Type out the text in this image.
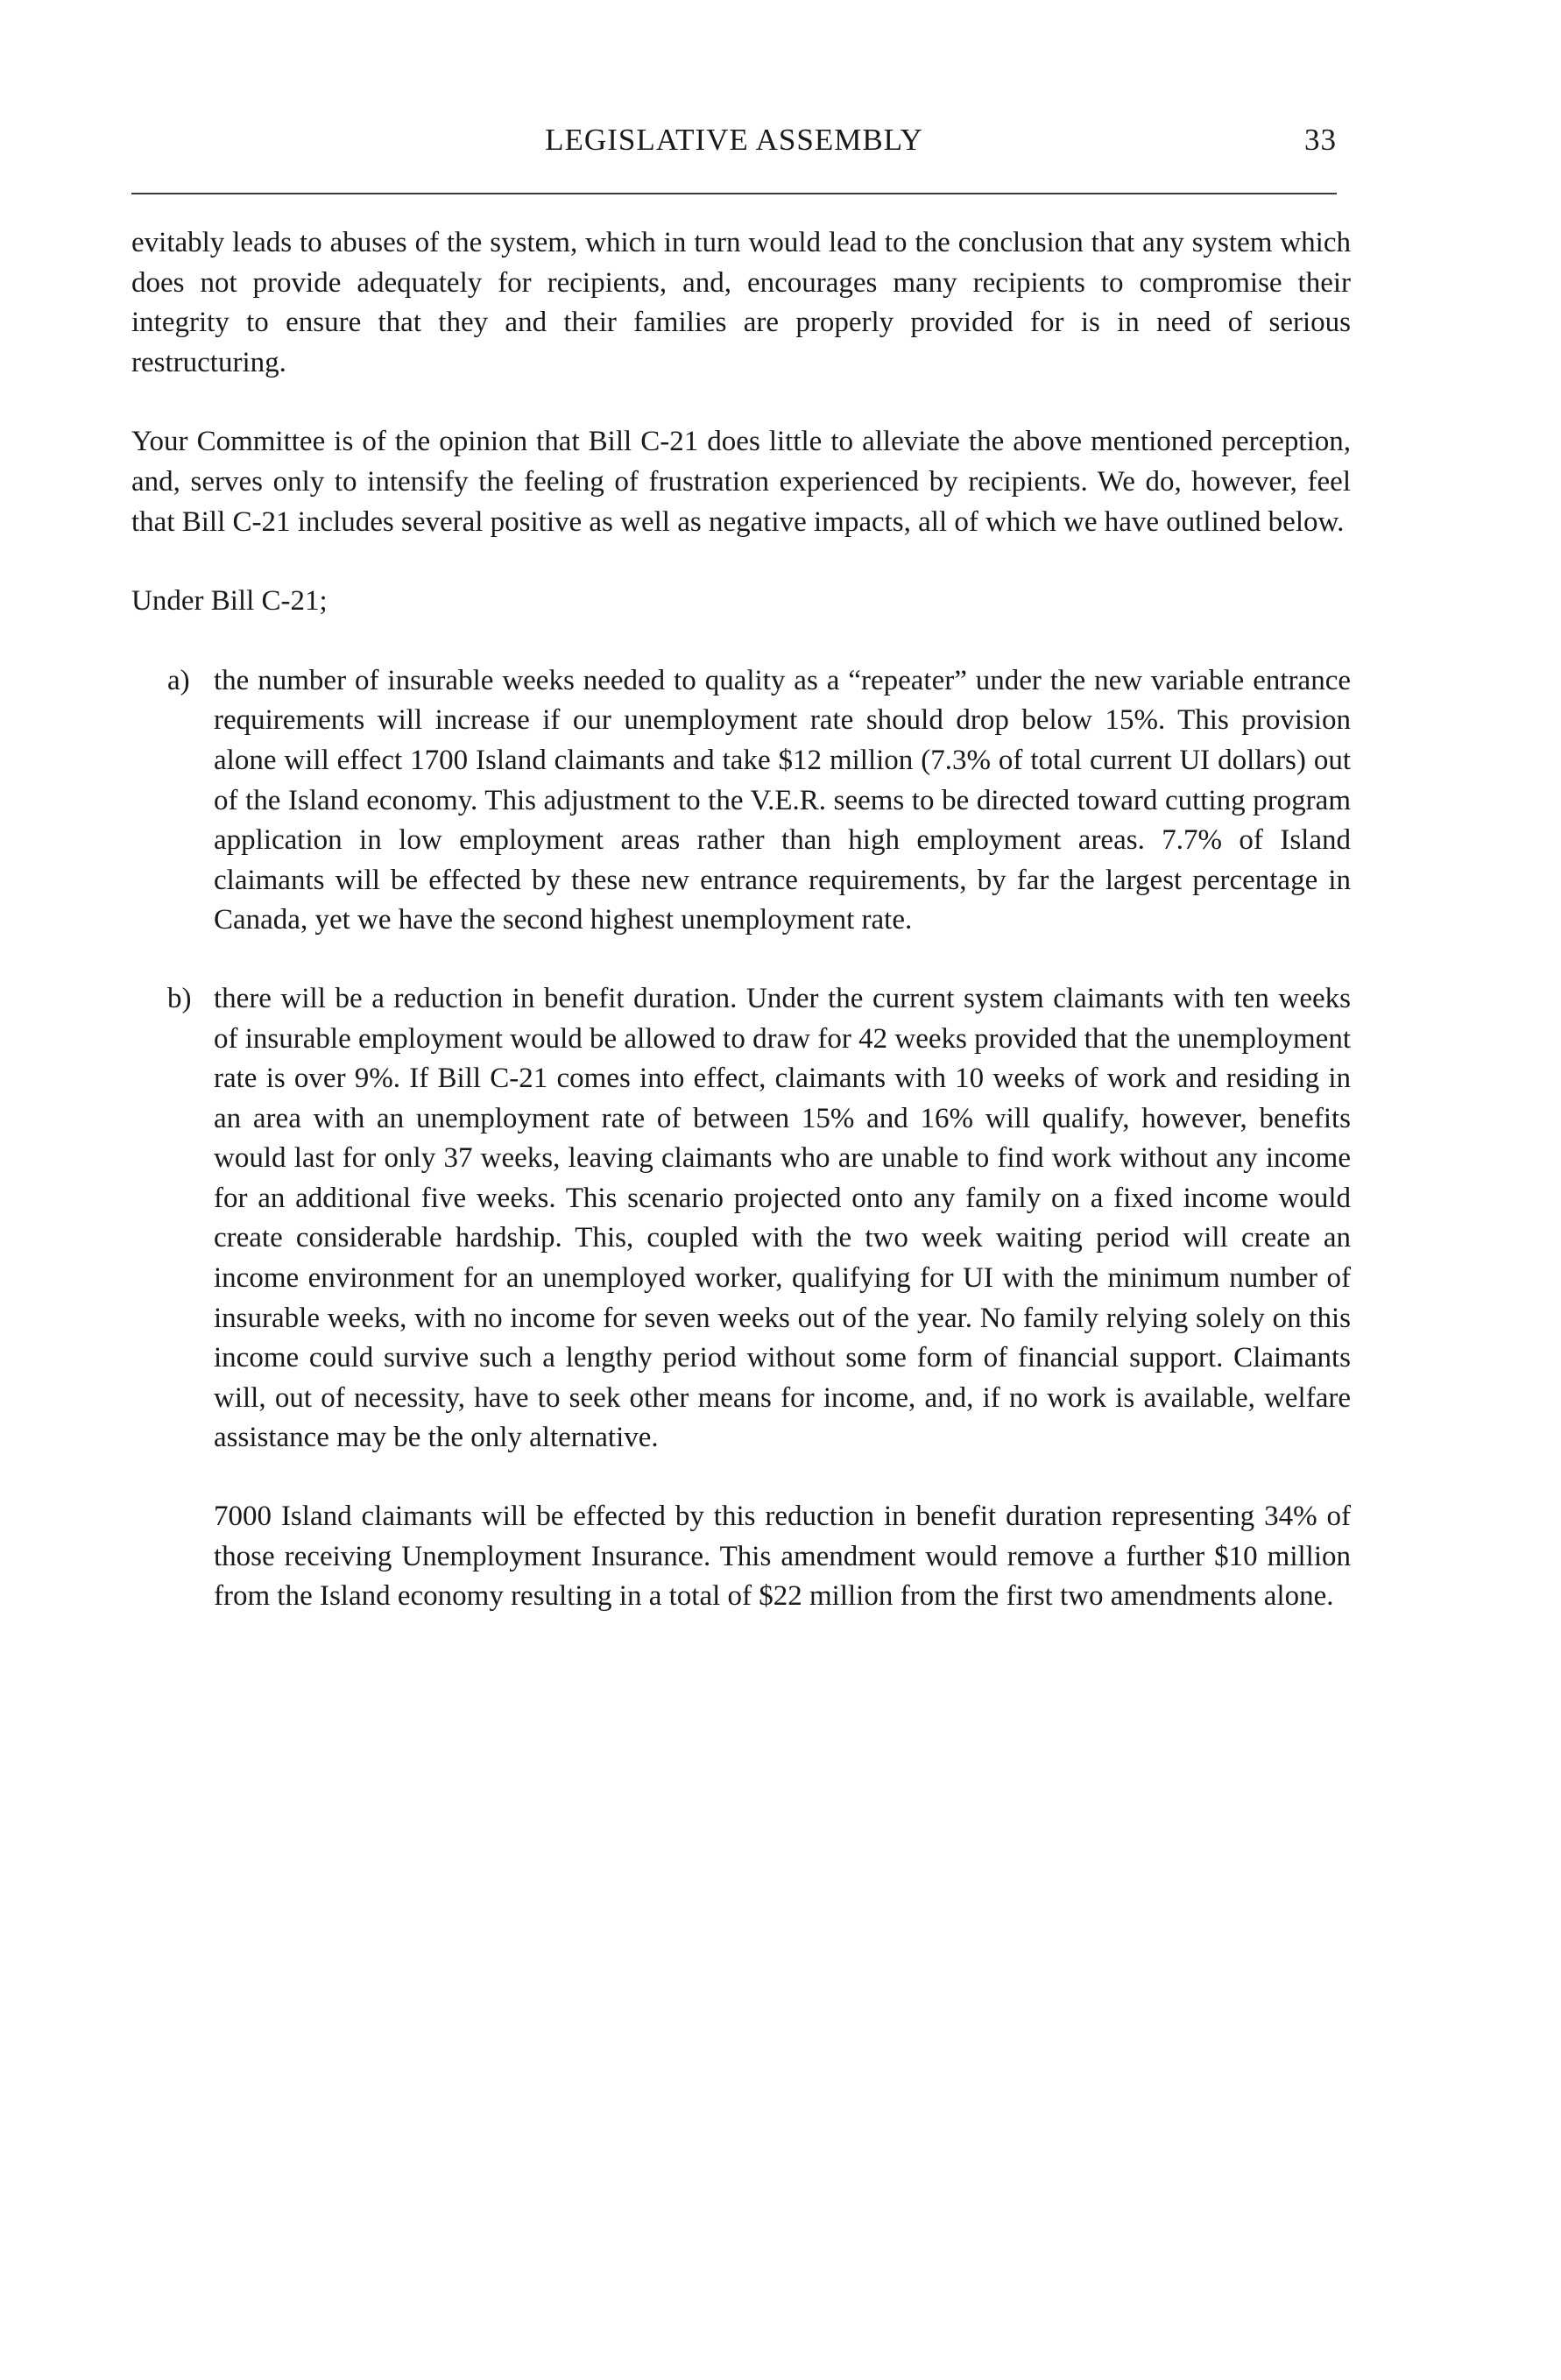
LEGISLATIVE ASSEMBLY	33

evitably leads to abuses of the system, which in turn would lead to the conclusion that any system which does not provide adequately for recipients, and, encourages many recipients to compromise their integrity to ensure that they and their families are properly provided for is in need of serious restructuring.

Your Committee is of the opinion that Bill C-21 does little to alleviate the above mentioned perception, and, serves only to intensify the feeling of frustration experienced by recipients. We do, however, feel that Bill C-21 includes several positive as well as negative impacts, all of which we have outlined below.

Under Bill C-21;

a) the number of insurable weeks needed to quality as a “repeater” under the new variable entrance requirements will increase if our unemployment rate should drop below 15%. This provision alone will effect 1700 Island claimants and take $12 million (7.3% of total current UI dollars) out of the Island economy. This adjustment to the V.E.R. seems to be directed toward cutting program application in low employment areas rather than high employment areas. 7.7% of Island claimants will be effected by these new entrance requirements, by far the largest percentage in Canada, yet we have the second highest unemployment rate.

b) there will be a reduction in benefit duration. Under the current system claimants with ten weeks of insurable employment would be allowed to draw for 42 weeks provided that the unemployment rate is over 9%. If Bill C-21 comes into effect, claimants with 10 weeks of work and residing in an area with an unemployment rate of between 15% and 16% will qualify, however, benefits would last for only 37 weeks, leaving claimants who are unable to find work without any income for an additional five weeks. This scenario projected onto any family on a fixed income would create considerable hardship. This, coupled with the two week waiting period will create an income environment for an unemployed worker, qualifying for UI with the minimum number of insurable weeks, with no income for seven weeks out of the year. No family relying solely on this income could survive such a lengthy period without some form of financial support. Claimants will, out of necessity, have to seek other means for income, and, if no work is available, welfare assistance may be the only alternative.

7000 Island claimants will be effected by this reduction in benefit duration representing 34% of those receiving Unemployment Insurance. This amendment would remove a further $10 million from the Island economy resulting in a total of $22 million from the first two amendments alone.
